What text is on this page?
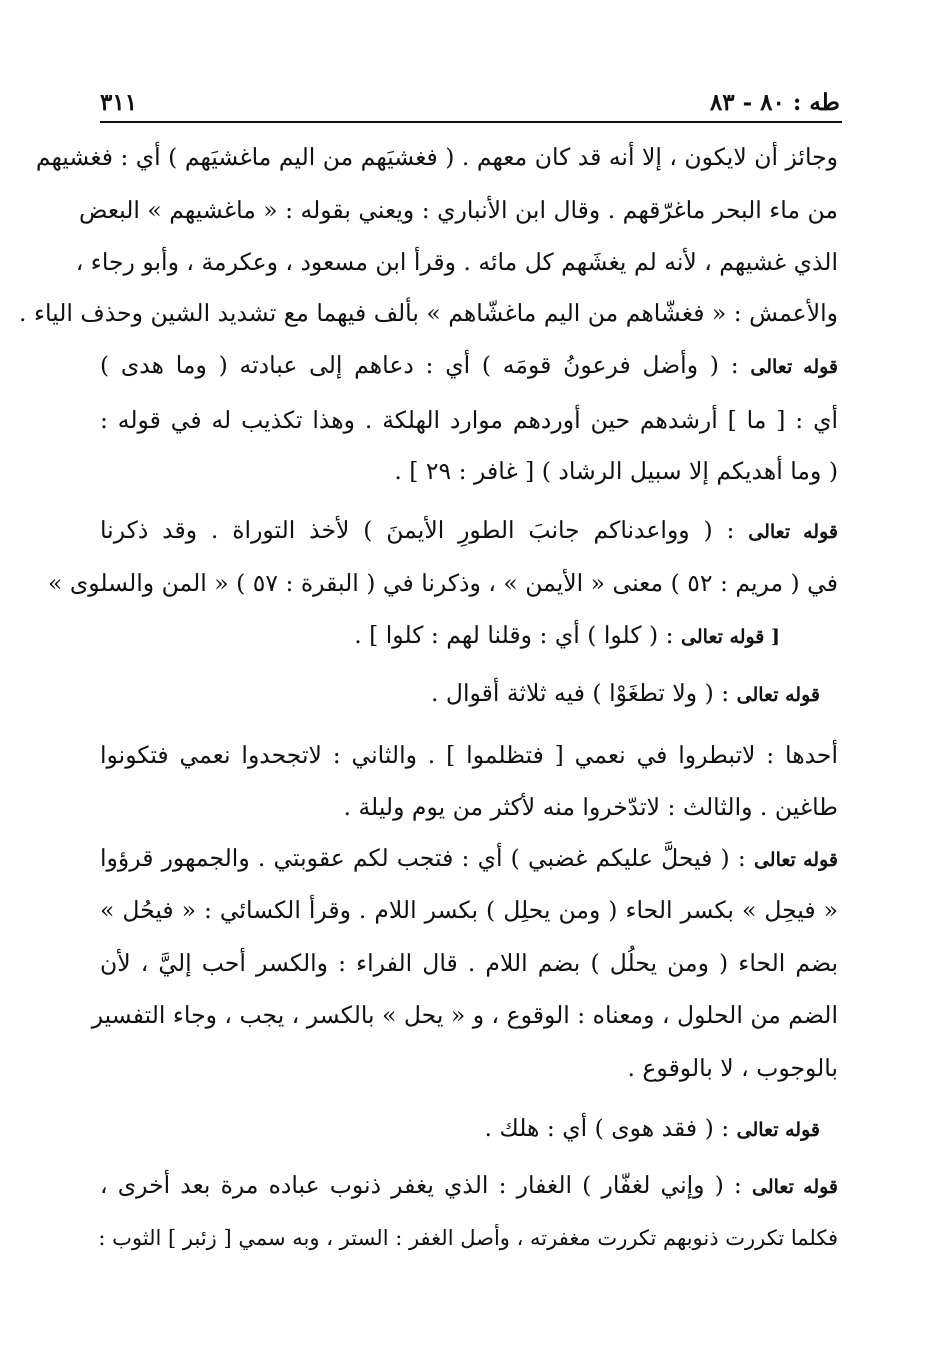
٣١١	طه : ٨٠ - ٨٣
وجائز أن لايكون ، إلا أنه قد كان معهم . ( فغشيَهم من اليم ماغشيَهم ) أي : فغشيهم
من ماء البحر ماغرّقهم . وقال ابن الأنباري : ويعني بقوله : « ماغشيهم » البعض
الذي غشيهم ، لأنه لم يغشَهم كل مائه . وقرأ ابن مسعود ، وعكرمة ، وأبو رجاء ،
والأعمش : « فغشّاهم من اليم ماغشّاهم » بألف فيهما مع تشديد الشين وحذف الياء .
قوله تعالى : ( وأضل فرعونُ قومَه ) أي : دعاهم إلى عبادته ( وما هدى )
أي : [ ما ] أرشدهم حين أوردهم موارد الهلكة . وهذا تكذيب له في قوله :
( وما أهديكم إلا سبيل الرشاد ) [ غافر : ٢٩ ] .
قوله تعالى : ( وواعدناكم جانبَ الطورِ الأيمنَ ) لأخذ التوراة . وقد ذكرنا
في ( مريم : ٥٢ ) معنى « الأيمن » ، وذكرنا في ( البقرة : ٥٧ ) « المن والسلوى »
[ قوله تعالى : ( كلوا ) أي : وقلنا لهم : كلوا ] .
قوله تعالى : ( ولا تطغَوْا ) فيه ثلاثة أقوال .
أحدها : لاتبطروا في نعمي [ فتظلموا ] . والثاني : لاتجحدوا نعمي فتكونوا
طاغين . والثالث : لاتدّخروا منه لأكثر من يوم وليلة .
قوله تعالى : ( فيحلَّ عليكم غضبي ) أي : فتجب لكم عقوبتي . والجمهور قرؤوا
« فيحِل » بكسر الحاء ( ومن يحلِل ) بكسر اللام . وقرأ الكسائي : « فيحُل »
بضم الحاء ( ومن يحلُل ) بضم اللام . قال الفراء : والكسر أحب إليَّ ، لأن
الضم من الحلول ، ومعناه : الوقوع ، و « يحل » بالكسر ، يجب ، وجاء التفسير
بالوجوب ، لا بالوقوع .
قوله تعالى : ( فقد هوى ) أي : هلك .
قوله تعالى : ( وإني لغفّار ) الغفار : الذي يغفر ذنوب عباده مرة بعد أخرى ،
فكلما تكررت ذنوبهم تكررت مغفرته ، وأصل الغفر : الستر ، وبه سمي [ زئبر ] الثوب :
